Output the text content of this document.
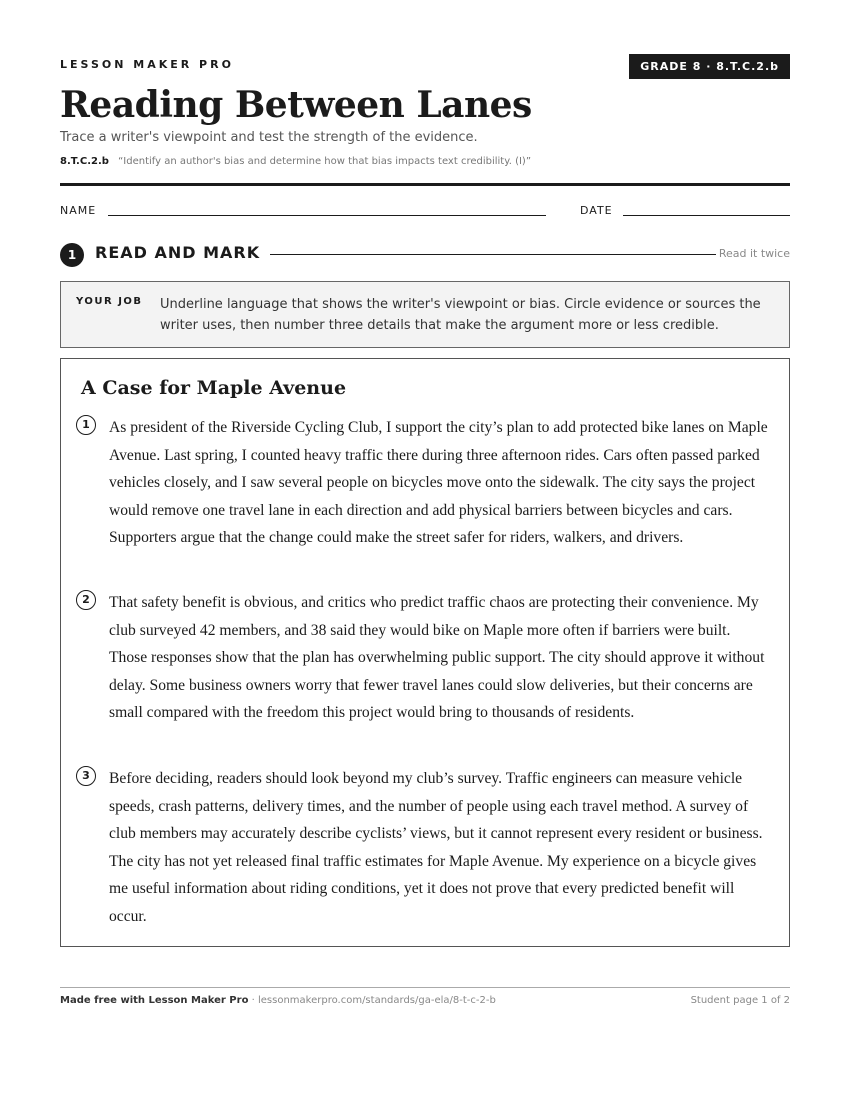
LESSON MAKER PRO	GRADE 8 · 8.T.C.2.b
Reading Between Lanes
Trace a writer's viewpoint and test the strength of the evidence.
8.T.C.2.b “Identify an author's bias and determine how that bias impacts text credibility. (I)”
NAME	DATE
1	READ AND MARK	Read it twice
YOUR JOB Underline language that shows the writer's viewpoint or bias. Circle evidence or sources the writer uses, then number three details that make the argument more or less credible.
A Case for Maple Avenue
1	As president of the Riverside Cycling Club, I support the city’s plan to add protected bike lanes on Maple Avenue. Last spring, I counted heavy traffic there during three afternoon rides. Cars often passed parked vehicles closely, and I saw several people on bicycles move onto the sidewalk. The city says the project would remove one travel lane in each direction and add physical barriers between bicycles and cars. Supporters argue that the change could make the street safer for riders, walkers, and drivers.
2	That safety benefit is obvious, and critics who predict traffic chaos are protecting their convenience. My club surveyed 42 members, and 38 said they would bike on Maple more often if barriers were built. Those responses show that the plan has overwhelming public support. The city should approve it without delay. Some business owners worry that fewer travel lanes could slow deliveries, but their concerns are small compared with the freedom this project would bring to thousands of residents.
3	Before deciding, readers should look beyond my club’s survey. Traffic engineers can measure vehicle speeds, crash patterns, delivery times, and the number of people using each travel method. A survey of club members may accurately describe cyclists’ views, but it cannot represent every resident or business. The city has not yet released final traffic estimates for Maple Avenue. My experience on a bicycle gives me useful information about riding conditions, yet it does not prove that every predicted benefit will occur.
Made free with Lesson Maker Pro · lessonmakerpro.com/standards/ga-ela/8-t-c-2-b	Student page 1 of 2
